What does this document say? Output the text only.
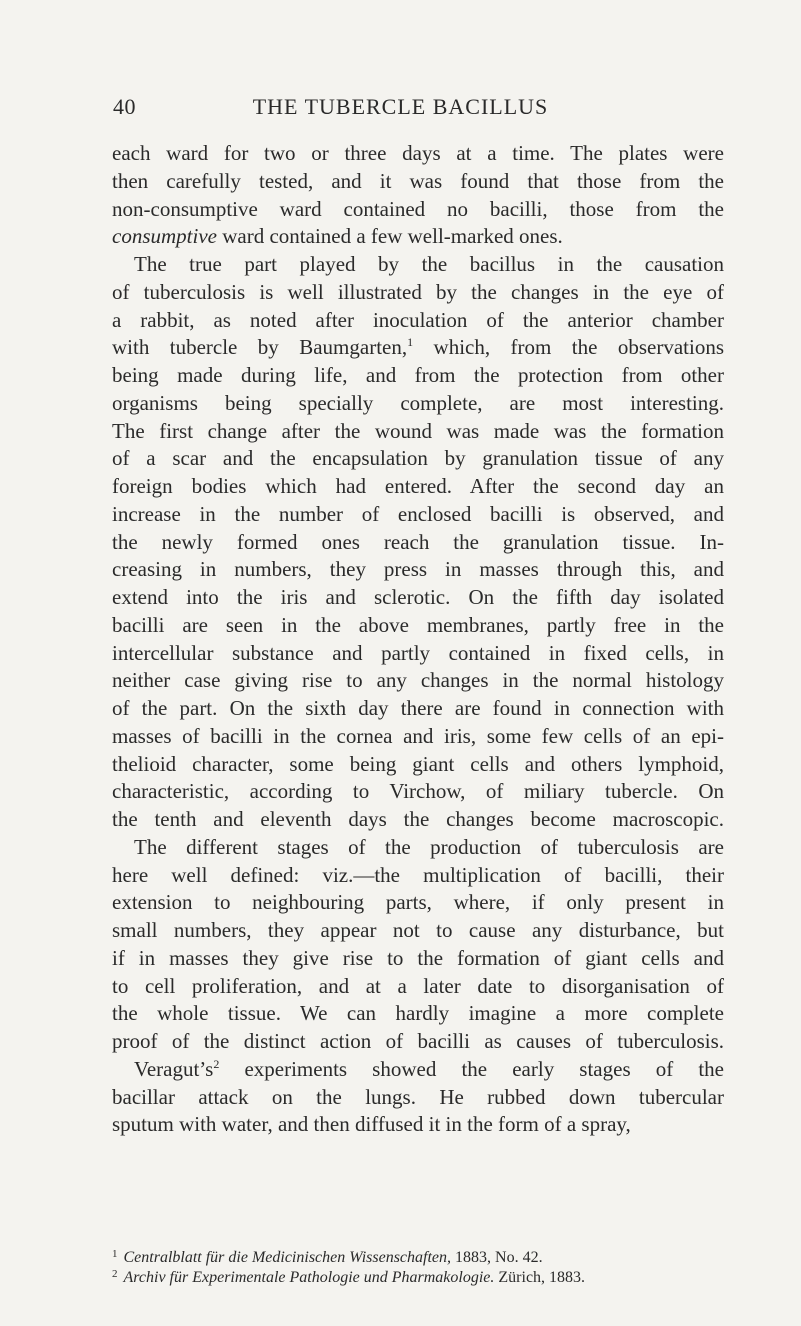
40	THE TUBERCLE BACILLUS
each ward for two or three days at a time. The plates were
then carefully tested, and it was found that those from the
non-consumptive ward contained no bacilli, those from the
consumptive ward contained a few well-marked ones.
The true part played by the bacillus in the causation
of tuberculosis is well illustrated by the changes in the eye of
a rabbit, as noted after inoculation of the anterior chamber
with tubercle by Baumgarten,$^1$ which, from the observations
being made during life, and from the protection from other
organisms being specially complete, are most interesting.
The first change after the wound was made was the formation
of a scar and the encapsulation by granulation tissue of any
foreign bodies which had entered. After the second day an
increase in the number of enclosed bacilli is observed, and
the newly formed ones reach the granulation tissue. In-
creasing in numbers, they press in masses through this, and
extend into the iris and sclerotic. On the fifth day isolated
bacilli are seen in the above membranes, partly free in the
intercellular substance and partly contained in fixed cells, in
neither case giving rise to any changes in the normal histology
of the part. On the sixth day there are found in connection with
masses of bacilli in the cornea and iris, some few cells of an epi-
thelioid character, some being giant cells and others lymphoid,
characteristic, according to Virchow, of miliary tubercle. On
the tenth and eleventh days the changes become macroscopic.
The different stages of the production of tuberculosis are
here well defined: viz.—the multiplication of bacilli, their
extension to neighbouring parts, where, if only present in
small numbers, they appear not to cause any disturbance, but
if in masses they give rise to the formation of giant cells and
to cell proliferation, and at a later date to disorganisation of
the whole tissue. We can hardly imagine a more complete
proof of the distinct action of bacilli as causes of tuberculosis.
$Veragut’s^2$ experiments showed the early stages of the
bacillar attack on the lungs. He rubbed down tubercular
sputum with water, and then diffused it in the form of a spray,
$^1$ Centralblatt für die Medicinischen Wissenschaften, 1883, No. 42.
$^2$ Archiv für Experimentale Pathologie und Pharmakologie. Zürich, 1883.
